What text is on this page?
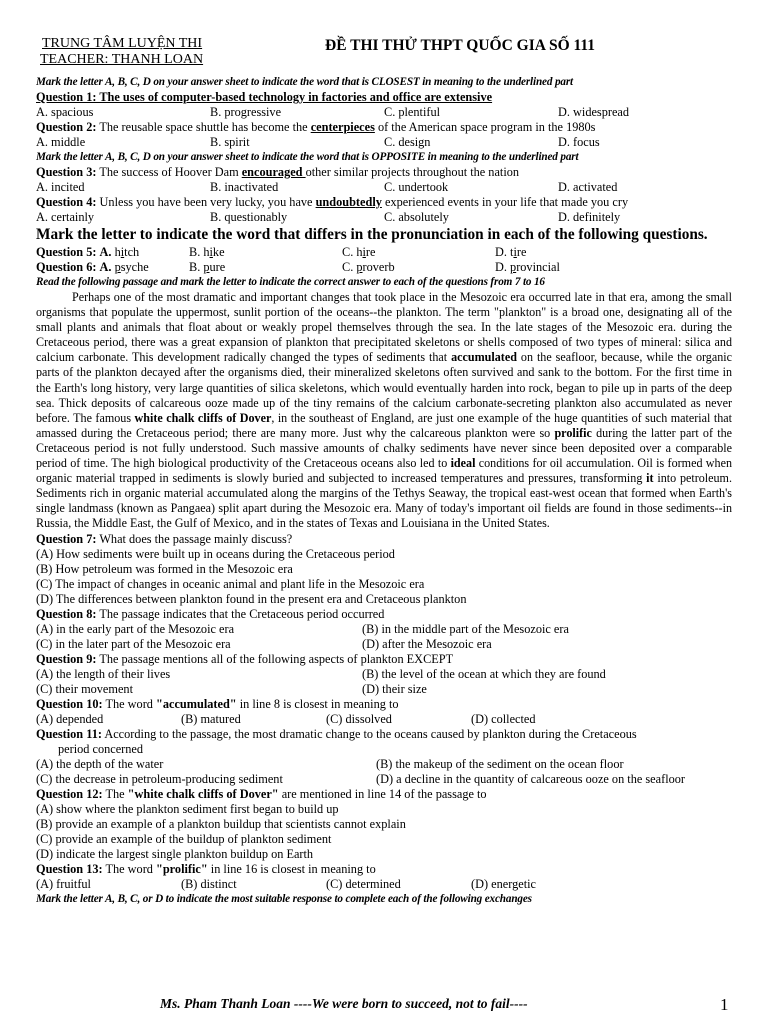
TRUNG TÂM LUYỆN THI
TEACHER: THANH LOAN
ĐỀ THI THỬ THPT QUỐC GIA SỐ 111
Mark the letter A, B, C, D on your answer sheet to indicate the word that is CLOSEST in meaning to the underlined part
Question 1: The uses of computer-based technology in factories and office are extensive
A. spacious	B. progressive	C. plentiful	D. widespread
Question 2: The reusable space shuttle has become the centerpieces of the American space program in the 1980s
A. middle	B. spirit	C. design	D. focus
Mark the letter A, B, C, D on your answer sheet to indicate the word that is OPPOSITE in meaning to the underlined part
Question 3: The success of Hoover Dam encouraged other similar projects throughout the nation
A. incited	B. inactivated	C. undertook	D. activated
Question 4: Unless you have been very lucky, you have undoubtedly experienced events in your life that made you cry
A. certainly	B. questionably	C. absolutely	D. definitely
Mark the letter to indicate the word that differs in the pronunciation in each of the following questions.
Question 5: A. hitch	B. hike	C. hire	D. tire
Question 6: A. psyche	B. pure	C. proverb	D. provincial
Read the following passage and mark the letter to indicate the correct answer to each of the questions from 7 to 16
Perhaps one of the most dramatic and important changes that took place in the Mesozoic era occurred late in that era, among the small organisms that populate the uppermost, sunlit portion of the oceans--the plankton. The term "plankton" is a broad one, designating all of the small plants and animals that float about or weakly propel themselves through the sea. In the late stages of the Mesozoic era. during the Cretaceous period, there was a great expansion of plankton that precipitated skeletons or shells composed of two types of mineral: silica and calcium carbonate. This development radically changed the types of sediments that accumulated on the seafloor, because, while the organic parts of the plankton decayed after the organisms died, their mineralized skeletons often survived and sank to the bottom. For the first time in the Earth's long history, very large quantities of silica skeletons, which would eventually harden into rock, began to pile up in parts of the deep sea. Thick deposits of calcareous ooze made up of the tiny remains of the calcium carbonate-secreting plankton also accumulated as never before. The famous white chalk cliffs of Dover, in the southeast of England, are just one example of the huge quantities of such material that amassed during the Cretaceous period; there are many more. Just why the calcareous plankton were so prolific during the latter part of the Cretaceous period is not fully understood. Such massive amounts of chalky sediments have never since been deposited over a comparable period of time. The high biological productivity of the Cretaceous oceans also led to ideal conditions for oil accumulation. Oil is formed when organic material trapped in sediments is slowly buried and subjected to increased temperatures and pressures, transforming it into petroleum. Sediments rich in organic material accumulated along the margins of the Tethys Seaway, the tropical east-west ocean that formed when Earth's single landmass (known as Pangaea) split apart during the Mesozoic era. Many of today's important oil fields are found in those sediments--in Russia, the Middle East, the Gulf of Mexico, and in the states of Texas and Louisiana in the United States.
Question 7: What does the passage mainly discuss?
(A) How sediments were built up in oceans during the Cretaceous period
(B) How petroleum was formed in the Mesozoic era
(C) The impact of changes in oceanic animal and plant life in the Mesozoic era
(D) The differences between plankton found in the present era and Cretaceous plankton
Question 8: The passage indicates that the Cretaceous period occurred
(A) in the early part of the Mesozoic era	(B) in the middle part of the Mesozoic era
(C) in the later part of the Mesozoic era	(D) after the Mesozoic era
Question 9: The passage mentions all of the following aspects of plankton EXCEPT
(A) the length of their lives	(B) the level of the ocean at which they are found
(C) their movement	(D) their size
Question 10: The word "accumulated" in line 8 is closest in meaning to
(A) depended	(B) matured	(C) dissolved	(D) collected
Question 11: According to the passage, the most dramatic change to the oceans caused by plankton during the Cretaceous
period concerned
(A) the depth of the water	(B) the makeup of the sediment on the ocean floor
(C) the decrease in petroleum-producing sediment	(D) a decline in the quantity of calcareous ooze on the seafloor
Question 12: The "white chalk cliffs of Dover" are mentioned in line 14 of the passage to
(A) show where the plankton sediment first began to build up
(B) provide an example of a plankton buildup that scientists cannot explain
(C) provide an example of the buildup of plankton sediment
(D) indicate the largest single plankton buildup on Earth
Question 13: The word "prolific" in line 16 is closest in meaning to
(A) fruitful	(B) distinct	(C) determined	(D) energetic
Mark the letter A, B, C, or D to indicate the most suitable response to complete each of the following exchanges
Ms. Pham Thanh Loan ----We were born to succeed, not to fail----	1
